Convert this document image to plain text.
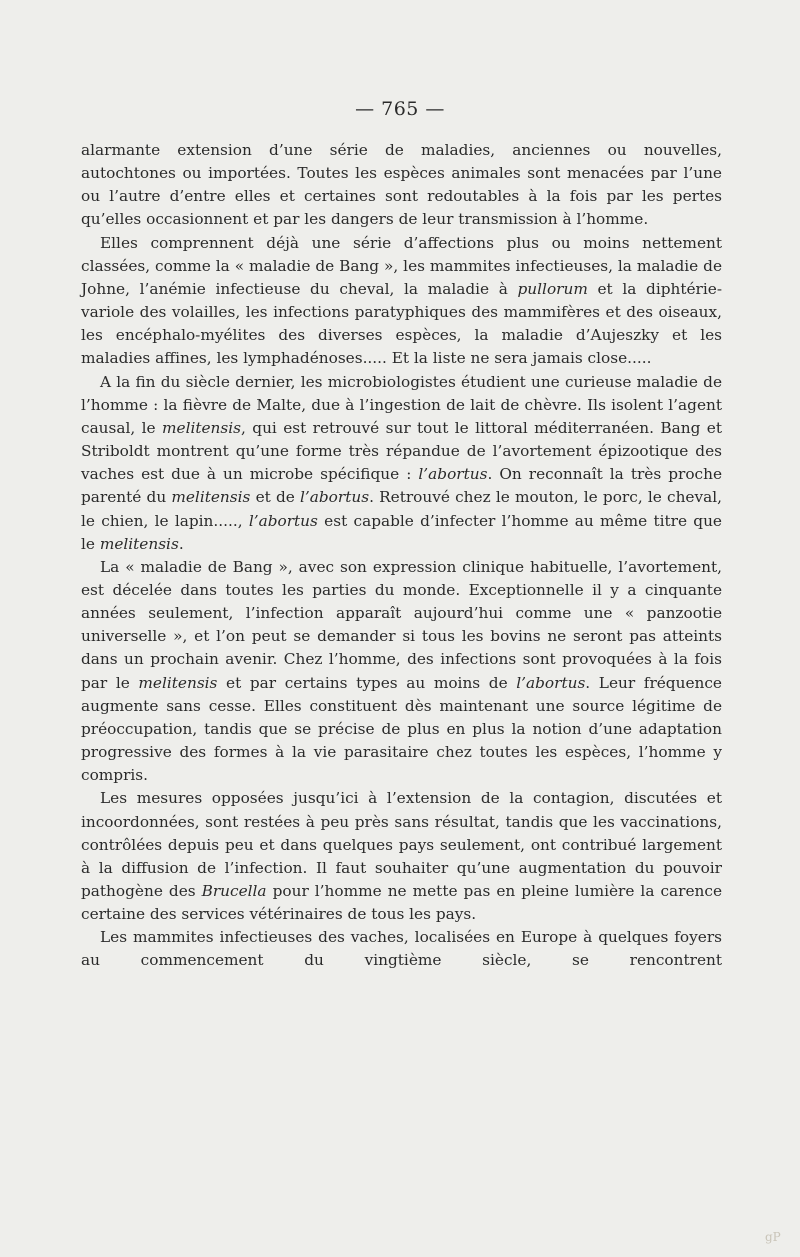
— 765 —

alarmante extension d’une série de maladies, anciennes ou nouvelles, autochtones ou importées. Toutes les espèces animales sont menacées par l’une ou l’autre d’entre elles et certaines sont redoutables à la fois par les pertes qu’elles occasionnent et par les dangers de leur transmission à l’homme.

Elles comprennent déjà une série d’affections plus ou moins nettement classées, comme la « maladie de Bang », les mammites infectieuses, la maladie de Johne, l’anémie infectieuse du cheval, la maladie à pullorum et la diphtérie-variole des volailles, les infections paratyphiques des mammifères et des oiseaux, les encéphalo-myélites des diverses espèces, la maladie d’Aujeszky et les maladies affines, les lymphadénoses..... Et la liste ne sera jamais close.....

A la fin du siècle dernier, les microbiologistes étudient une curieuse maladie de l’homme : la fièvre de Malte, due à l’ingestion de lait de chèvre. Ils isolent l’agent causal, le melitensis, qui est retrouvé sur tout le littoral méditerranéen. Bang et Striboldt montrent qu’une forme très répandue de l’avortement épizootique des vaches est due à un microbe spécifique : l’abortus. On reconnaît la très proche parenté du melitensis et de l’abortus. Retrouvé chez le mouton, le porc, le cheval, le chien, le lapin....., l’abortus est capable d’infecter l’homme au même titre que le melitensis.

La « maladie de Bang », avec son expression clinique habituelle, l’avortement, est décelée dans toutes les parties du monde. Exceptionnelle il y a cinquante années seulement, l’infection apparaît aujourd’hui comme une « panzootie universelle », et l’on peut se demander si tous les bovins ne seront pas atteints dans un prochain avenir. Chez l’homme, des infections sont provoquées à la fois par le melitensis et par certains types au moins de l’abortus. Leur fréquence augmente sans cesse. Elles constituent dès maintenant une source légitime de préoccupation, tandis que se précise de plus en plus la notion d’une adaptation progressive des formes à la vie parasitaire chez toutes les espèces, l’homme y compris.

Les mesures opposées jusqu’ici à l’extension de la contagion, discutées et incoordonnées, sont restées à peu près sans résultat, tandis que les vaccinations, contrôlées depuis peu et dans quelques pays seulement, ont contribué largement à la diffusion de l’infection. Il faut souhaiter qu’une augmentation du pouvoir pathogène des Brucella pour l’homme ne mette pas en pleine lumière la carence certaine des services vétérinaires de tous les pays.

Les mammites infectieuses des vaches, localisées en Europe à quelques foyers au commencement du vingtième siècle, se rencontrent

gP
